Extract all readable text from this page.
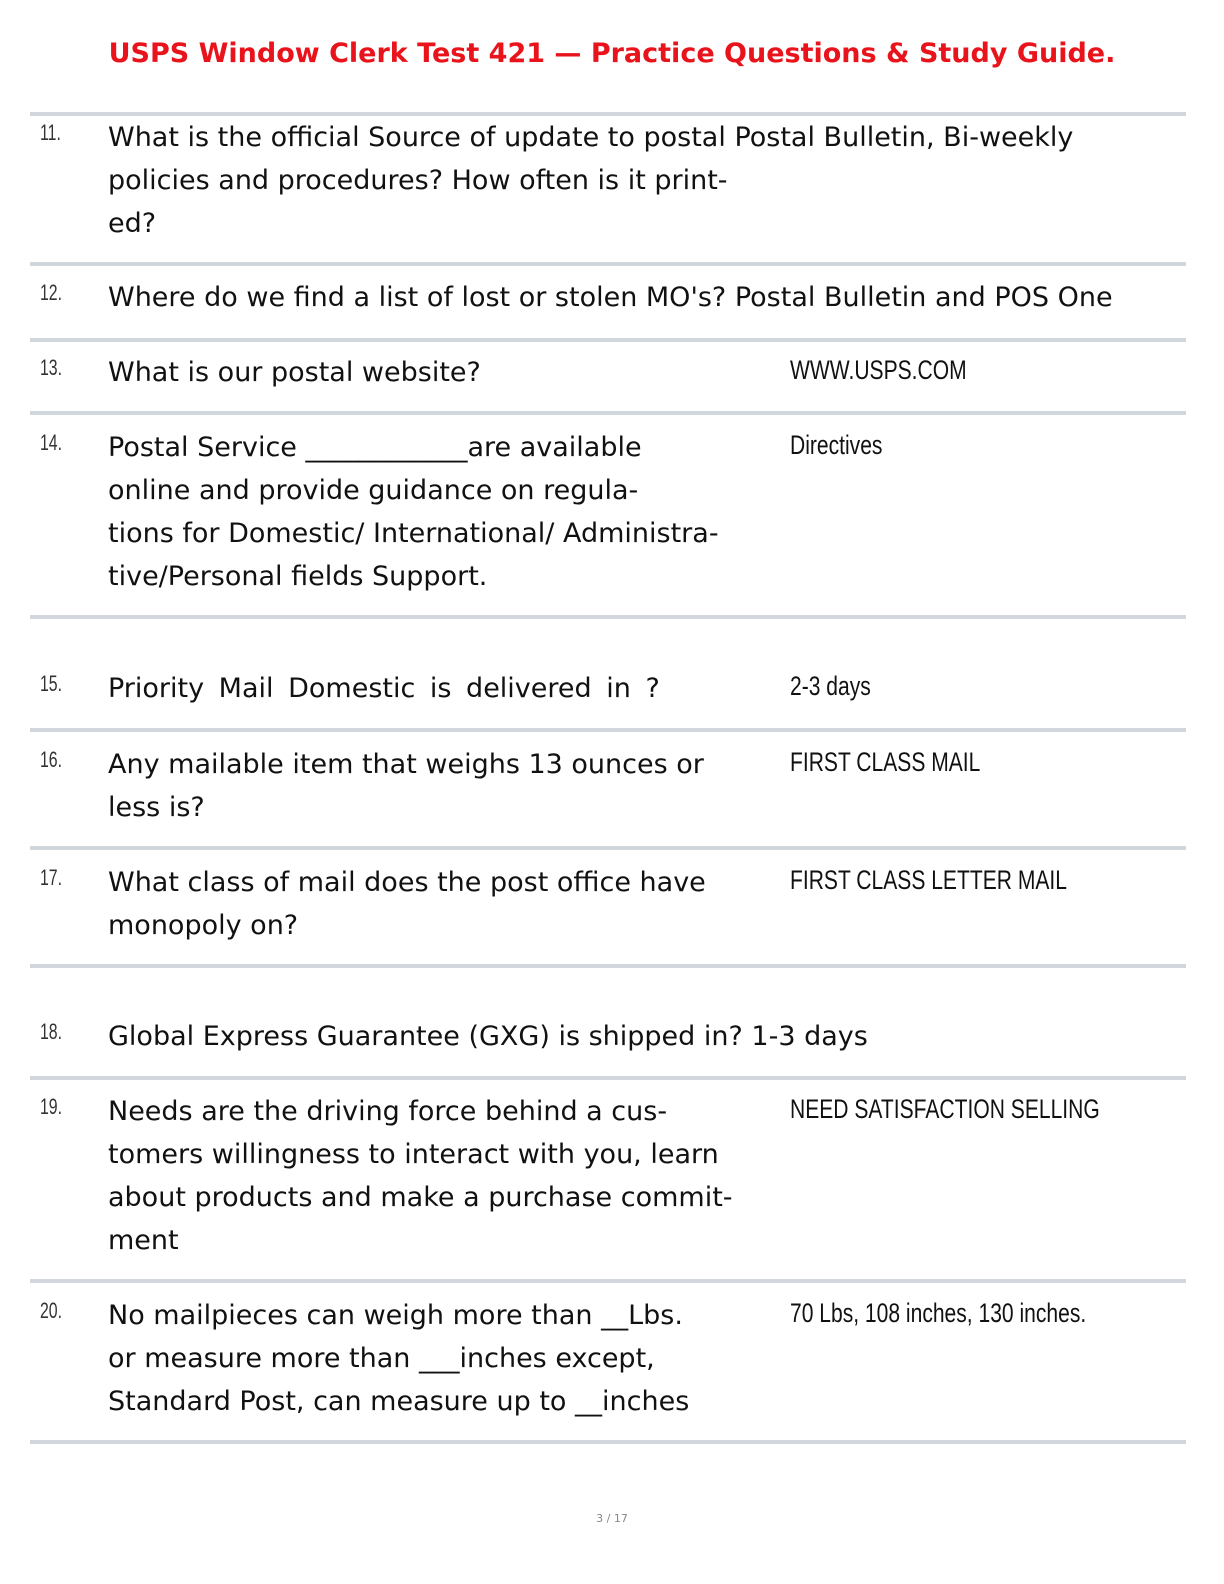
USPS Window Clerk Test 421 — Practice Questions & Study Guide.
11. What is the official Source of update to postal Postal Bulletin, Bi-weekly
policies and procedures? How often is it print-
ed?
12. Where do we find a list of lost or stolen MO's? Postal Bulletin and POS One
13. What is our postal website?	WWW.USPS.COM
14. Postal Service ____________are available
online and provide guidance on regula-
tions for Domestic/ International/ Administra-
tive/Personal fields Support.
Directives
15. Priority Mail Domestic is delivered in ?	2-3 days
16. Any mailable item that weighs 13 ounces or
less is?
FIRST CLASS MAIL
17. What class of mail does the post office have
monopoly on?
FIRST CLASS LETTER MAIL
18. Global Express Guarantee (GXG) is shipped in? 1-3 days
19. Needs are the driving force behind a cus-
tomers willingness to interact with you, learn
about products and make a purchase commit-
ment
NEED SATISFACTION SELLING
20. No mailpieces can weigh more than __Lbs.
or measure more than ___inches except,
Standard Post, can measure up to __inches
70 Lbs, 108 inches, 130 inches.
3 / 17
